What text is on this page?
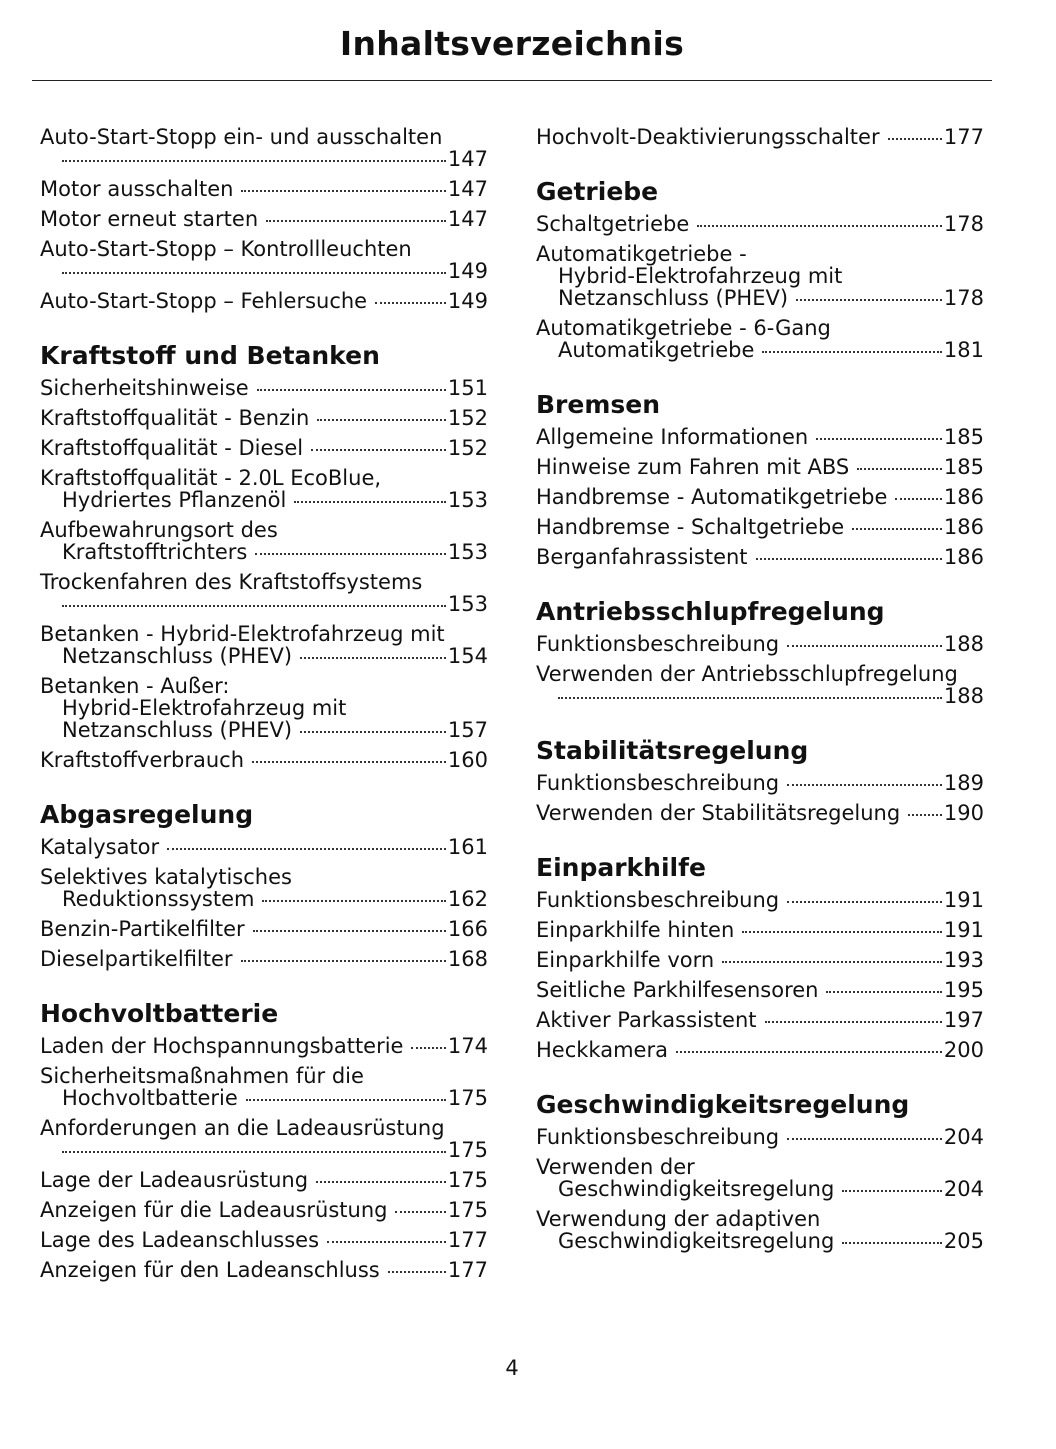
Inhaltsverzeichnis
Auto-Start-Stopp ein- und ausschalten
147
Motor ausschalten	147
Motor erneut starten	147
Auto-Start-Stopp – Kontrollleuchten
149
Auto-Start-Stopp – Fehlersuche	149
Kraftstoff und Betanken
Sicherheitshinweise	151
Kraftstoffqualität - Benzin	152
Kraftstoffqualität - Diesel	152
Kraftstoffqualität - 2.0L EcoBlue,
Hydriertes Pflanzenöl	153
Aufbewahrungsort des
Kraftstofftrichters	153
Trockenfahren des Kraftstoffsystems
153
Betanken - Hybrid-Elektrofahrzeug mit
Netzanschluss (PHEV)	154
Betanken - Außer:
Hybrid-Elektrofahrzeug mit
Netzanschluss (PHEV)	157
Kraftstoffverbrauch	160
Abgasregelung
Katalysator	161
Selektives katalytisches
Reduktionssystem	162
Benzin-Partikelfilter	166
Dieselpartikelfilter	168
Hochvoltbatterie
Laden der Hochspannungsbatterie 174
Sicherheitsmaßnahmen für die
Hochvoltbatterie	175
Anforderungen an die Ladeausrüstung
175
Lage der Ladeausrüstung	175
Anzeigen für die Ladeausrüstung	175
Lage des Ladeanschlusses	177
Anzeigen für den Ladeanschluss	177
Hochvolt-Deaktivierungsschalter	177
Getriebe
Schaltgetriebe	178
Automatikgetriebe -
Hybrid-Elektrofahrzeug mit
Netzanschluss (PHEV)	178
Automatikgetriebe - 6-Gang
Automatikgetriebe	181
Bremsen
Allgemeine Informationen	185
Hinweise zum Fahren mit ABS	185
Handbremse - Automatikgetriebe	186
Handbremse - Schaltgetriebe	186
Berganfahrassistent	186
Antriebsschlupfregelung
Funktionsbeschreibung	188
Verwenden der Antriebsschlupfregelung
188
Stabilitätsregelung
Funktionsbeschreibung	189
Verwenden der Stabilitätsregelung 190
Einparkhilfe
Funktionsbeschreibung	191
Einparkhilfe hinten	191
Einparkhilfe vorn	193
Seitliche Parkhilfesensoren	195
Aktiver Parkassistent	197
Heckkamera	200
Geschwindigkeitsregelung
Funktionsbeschreibung	204
Verwenden der
Geschwindigkeitsregelung	204
Verwendung der adaptiven
Geschwindigkeitsregelung	205
4
